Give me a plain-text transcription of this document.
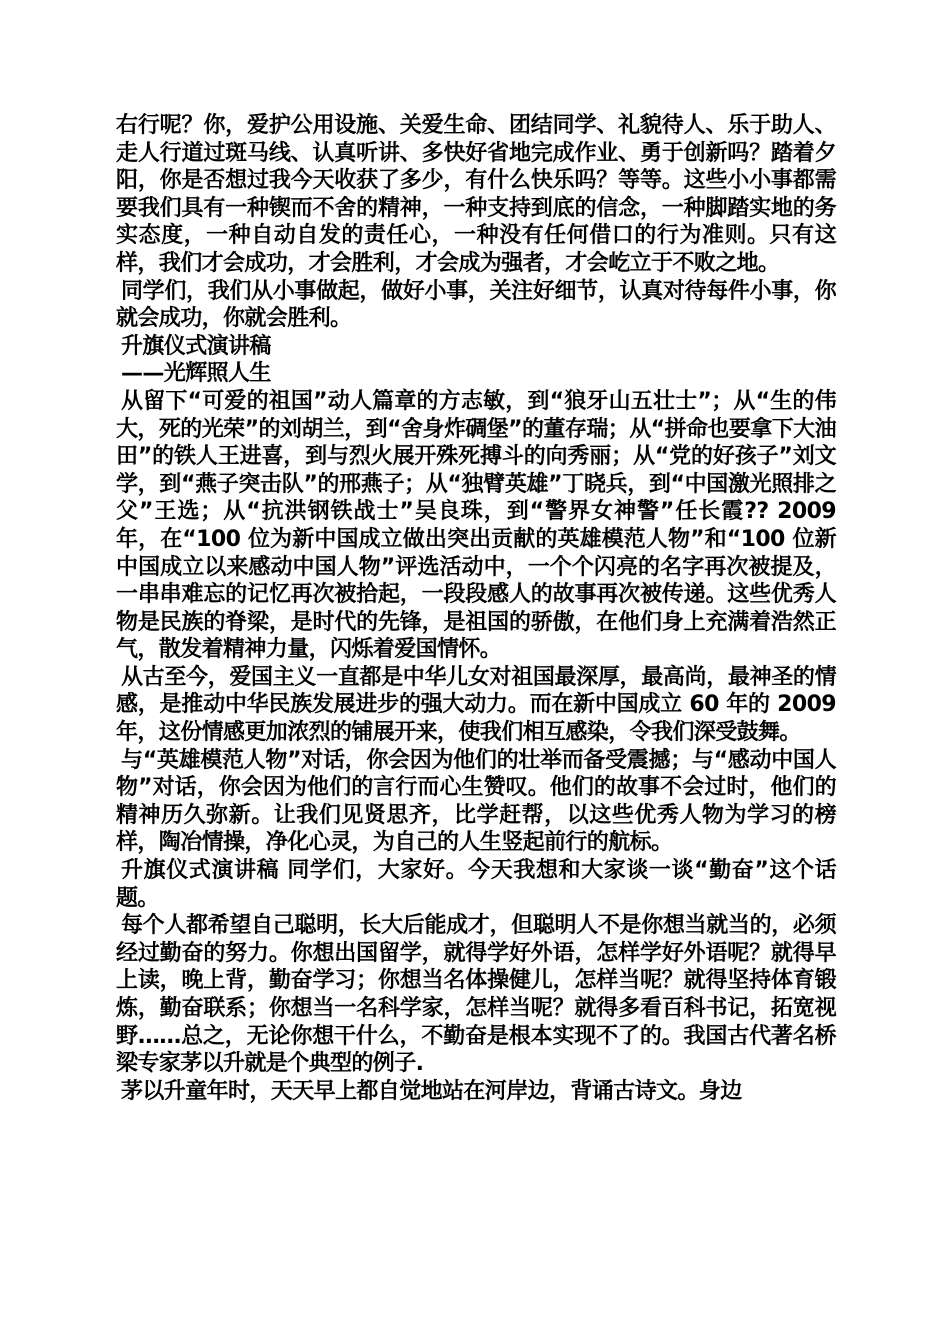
右行呢？你，爱护公用设施、关爱生命、团结同学、礼貌待人、乐于助人、走人行道过斑马线、认真听讲、多快好省地完成作业、勇于创新吗？踏着夕阳，你是否想过我今天收获了多少，有什么快乐吗？等等。这些小小事都需要我们具有一种锲而不舍的精神，一种支持到底的信念，一种脚踏实地的务实态度，一种自动自发的责任心，一种没有任何借口的行为准则。只有这样，我们才会成功，才会胜利，才会成为强者，才会屹立于不败之地。

同学们，我们从小事做起，做好小事，关注好细节，认真对待每件小事，你就会成功，你就会胜利。

升旗仪式演讲稿

——光辉照人生

从留下“可爱的祖国”动人篇章的方志敏，到“狼牙山五壮士”；从“生的伟大，死的光荣”的刘胡兰，到“舍身炸碉堡”的董存瑞；从“拼命也要拿下大油田”的铁人王进喜，到与烈火展开殊死搏斗的向秀丽；从“党的好孩子”刘文学，到“燕子突击队”的邢燕子；从“独臂英雄”丁晓兵，到“中国激光照排之父”王选；从“抗洪钢铁战士”吴良珠，到“警界女神警”任长霞?? 2009 年，在“100 位为新中国成立做出突出贡献的英雄模范人物”和“100 位新中国成立以来感动中国人物”评选活动中，一个个闪亮的名字再次被提及，一串串难忘的记忆再次被拾起，一段段感人的故事再次被传递。这些优秀人物是民族的脊梁，是时代的先锋，是祖国的骄傲，在他们身上充满着浩然正气，散发着精神力量，闪烁着爱国情怀。

从古至今，爱国主义一直都是中华儿女对祖国最深厚，最高尚，最神圣的情感，是推动中华民族发展进步的强大动力。而在新中国成立 60 年的 2009 年，这份情感更加浓烈的铺展开来，使我们相互感染，令我们深受鼓舞。

与“英雄模范人物”对话，你会因为他们的壮举而备受震撼；与“感动中国人物”对话，你会因为他们的言行而心生赞叹。他们的故事不会过时，他们的精神历久弥新。让我们见贤思齐，比学赶帮，以这些优秀人物为学习的榜样，陶冶情操，净化心灵，为自己的人生竖起前行的航标。

升旗仪式演讲稿 同学们，大家好。今天我想和大家谈一谈“勤奋”这个话题。

每个人都希望自己聪明，长大后能成才，但聪明人不是你想当就当的，必须经过勤奋的努力。你想出国留学，就得学好外语，怎样学好外语呢？就得早上读，晚上背，勤奋学习；你想当名体操健儿，怎样当呢？就得坚持体育锻炼，勤奋联系；你想当一名科学家，怎样当呢？就得多看百科书记，拓宽视野……总之，无论你想干什么，不勤奋是根本实现不了的。我国古代著名桥梁专家茅以升就是个典型的例子.

茅以升童年时，天天早上都自觉地站在河岸边，背诵古诗文。身边
